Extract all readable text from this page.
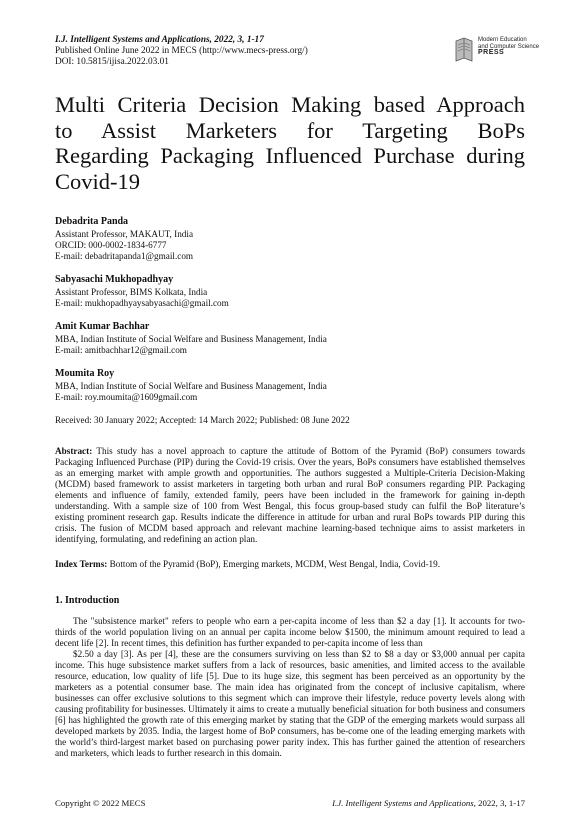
I.J. Intelligent Systems and Applications, 2022, 3, 1-17
Published Online June 2022 in MECS (http://www.mecs-press.org/)
DOI: 10.5815/ijisa.2022.03.01
Modern Education
and Computer Science
PRESS
Multi Criteria Decision Making based Approach
to Assist Marketers for Targeting BoPs
Regarding Packaging Influenced Purchase during
Covid-19
Debadrita Panda
Assistant Professor, MAKAUT, India
ORCID: 000-0002-1834-6777
E-mail: debadritapanda1@gmail.com
Sabyasachi Mukhopadhyay
Assistant Professor, BIMS Kolkata, India
E-mail: mukhopadhyaysabyasachi@gmail.com
Amit Kumar Bachhar
MBA, Indian Institute of Social Welfare and Business Management, India
E-mail: amitbachhar12@gmail.com
Moumita Roy
MBA, Indian Institute of Social Welfare and Business Management, India
E-mail: roy.moumita@1609gmail.com
Received: 30 January 2022; Accepted: 14 March 2022; Published: 08 June 2022
Abstract: This study has a novel approach to capture the attitude of Bottom of the Pyramid (BoP) consumers towards Packaging Influenced Purchase (PIP) during the Covid-19 crisis. Over the years, BoPs consumers have established themselves as an emerging market with ample growth and opportunities. The authors suggested a Multiple-Criteria Decision-Making (MCDM) based framework to assist marketers in targeting both urban and rural BoP consumers regarding PIP. Packaging elements and influence of family, extended family, peers have been included in the framework for gaining in-depth understanding. With a sample size of 100 from West Bengal, this focus group-based study can fulfil the BoP literature’s existing prominent research gap. Results indicate the difference in attitude for urban and rural BoPs towards PIP during this crisis. The fusion of MCDM based approach and relevant machine learning-based technique aims to assist marketers in identifying, formulating, and redefining an action plan.
Index Terms: Bottom of the Pyramid (BoP), Emerging markets, MCDM, West Bengal, India, Covid-19.
1. Introduction

The "subsistence market" refers to people who earn a per-capita income of less than $2 a day [1]. It accounts for two-thirds of the world population living on an annual per capita income below $1500, the minimum amount required to lead a decent life [2]. In recent times, this definition has further expanded to per-capita income of less than

$2.50 a day [3]. As per [4], these are the consumers surviving on less than $2 to $8 a day or $3,000 annual per capita income. This huge subsistence market suffers from a lack of resources, basic amenities, and limited access to the available resource, education, low quality of life [5]. Due to its huge size, this segment has been perceived as an opportunity by the marketers as a potential consumer base. The main idea has originated from the concept of inclusive capitalism, where businesses can offer exclusive solutions to this segment which can improve their lifestyle, reduce poverty levels along with causing profitability for businesses. Ultimately it aims to create a mutually beneficial situation for both business and consumers [6] has highlighted the growth rate of this emerging market by stating that the GDP of the emerging markets would surpass all developed markets by 2035. India, the largest home of BoP consumers, has be-come one of the leading emerging markets with the world’s third-largest market based on purchasing power parity index. This has further gained the attention of researchers and marketers, which leads to further research in this domain.

Copyright © 2022 MECS	I.J. Intelligent Systems and Applications, 2022, 3, 1-17
